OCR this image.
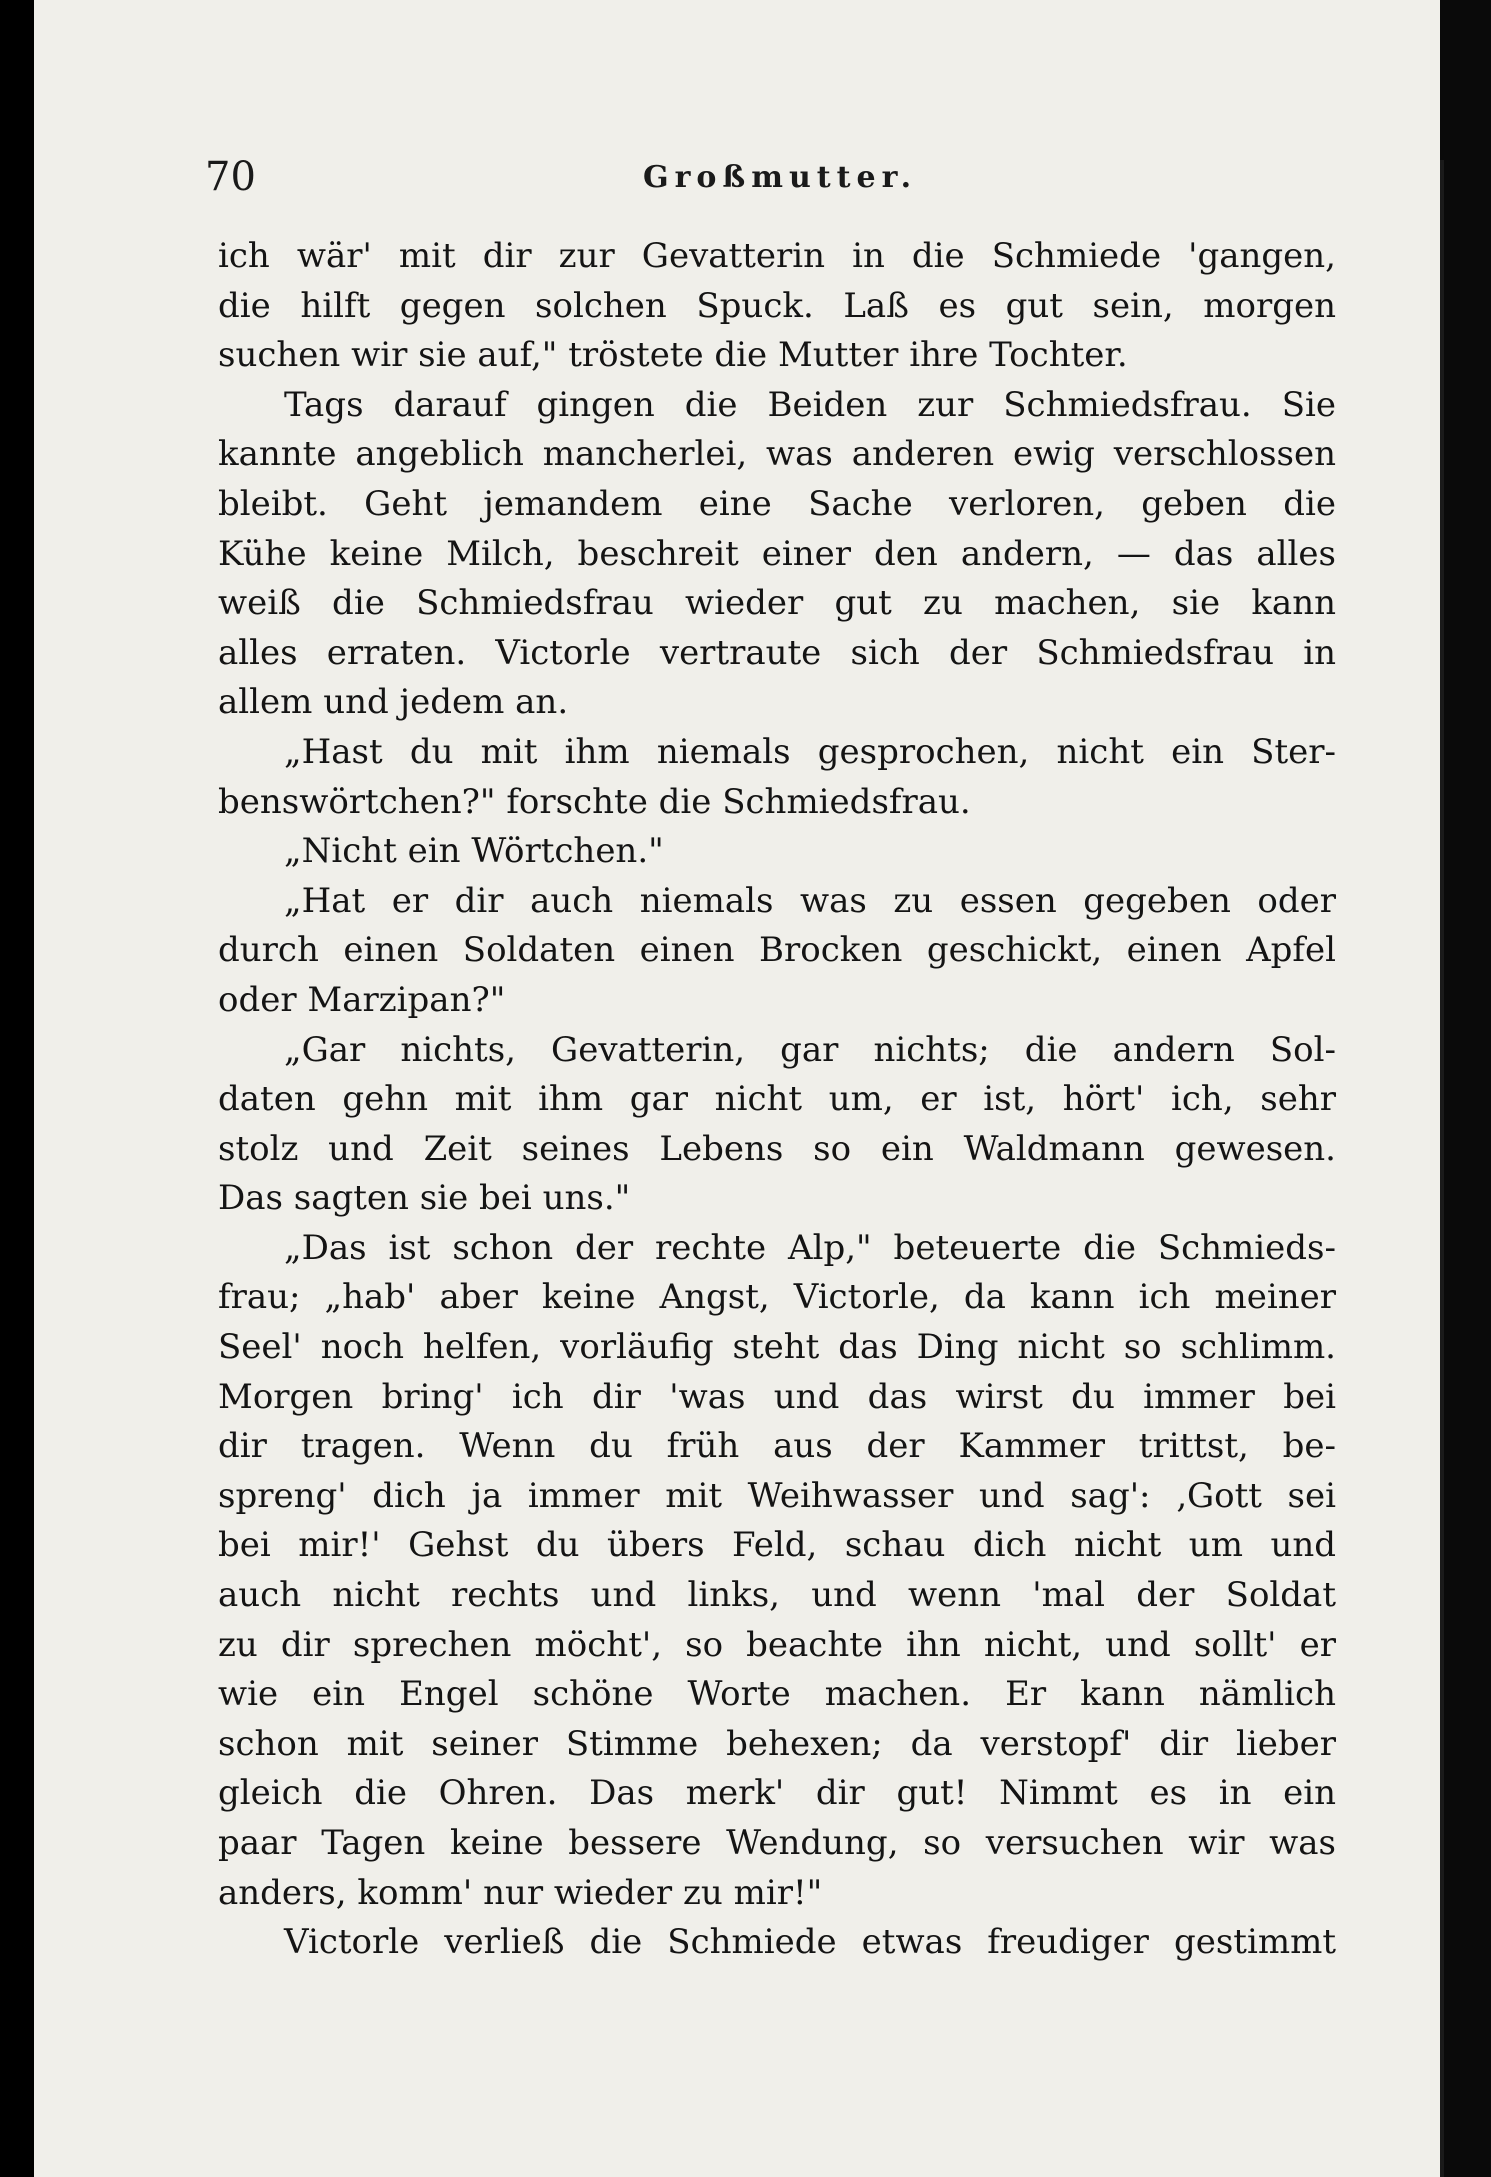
70	Großmutter.
ich wär' mit dir zur Gevatterin in die Schmiede 'gangen,
die hilft gegen solchen Spuck. Laß es gut sein, morgen
suchen wir sie auf," tröstete die Mutter ihre Tochter.
Tags darauf gingen die Beiden zur Schmiedsfrau. Sie
kannte angeblich mancherlei, was anderen ewig verschlossen
bleibt. Geht jemandem eine Sache verloren, geben die
Kühe keine Milch, beschreit einer den andern, — das alles
weiß die Schmiedsfrau wieder gut zu machen, sie kann
alles erraten. Victorle vertraute sich der Schmiedsfrau in
allem und jedem an.
„Hast du mit ihm niemals gesprochen, nicht ein Ster-
benswörtchen?" forschte die Schmiedsfrau.
„Nicht ein Wörtchen."
„Hat er dir auch niemals was zu essen gegeben oder
durch einen Soldaten einen Brocken geschickt, einen Apfel
oder Marzipan?"
„Gar nichts, Gevatterin, gar nichts; die andern Sol-
daten gehn mit ihm gar nicht um, er ist, hört' ich, sehr
stolz und Zeit seines Lebens so ein Waldmann gewesen.
Das sagten sie bei uns."
„Das ist schon der rechte Alp," beteuerte die Schmieds-
frau; „hab' aber keine Angst, Victorle, da kann ich meiner
Seel' noch helfen, vorläufig steht das Ding nicht so schlimm.
Morgen bring' ich dir 'was und das wirst du immer bei
dir tragen. Wenn du früh aus der Kammer trittst, be-
spreng' dich ja immer mit Weihwasser und sag': ‚Gott sei
bei mir!' Gehst du übers Feld, schau dich nicht um und
auch nicht rechts und links, und wenn 'mal der Soldat
zu dir sprechen möcht', so beachte ihn nicht, und sollt' er
wie ein Engel schöne Worte machen. Er kann nämlich
schon mit seiner Stimme behexen; da verstopf' dir lieber
gleich die Ohren. Das merk' dir gut! Nimmt es in ein
paar Tagen keine bessere Wendung, so versuchen wir was
anders, komm' nur wieder zu mir!"
Victorle verließ die Schmiede etwas freudiger gestimmt
